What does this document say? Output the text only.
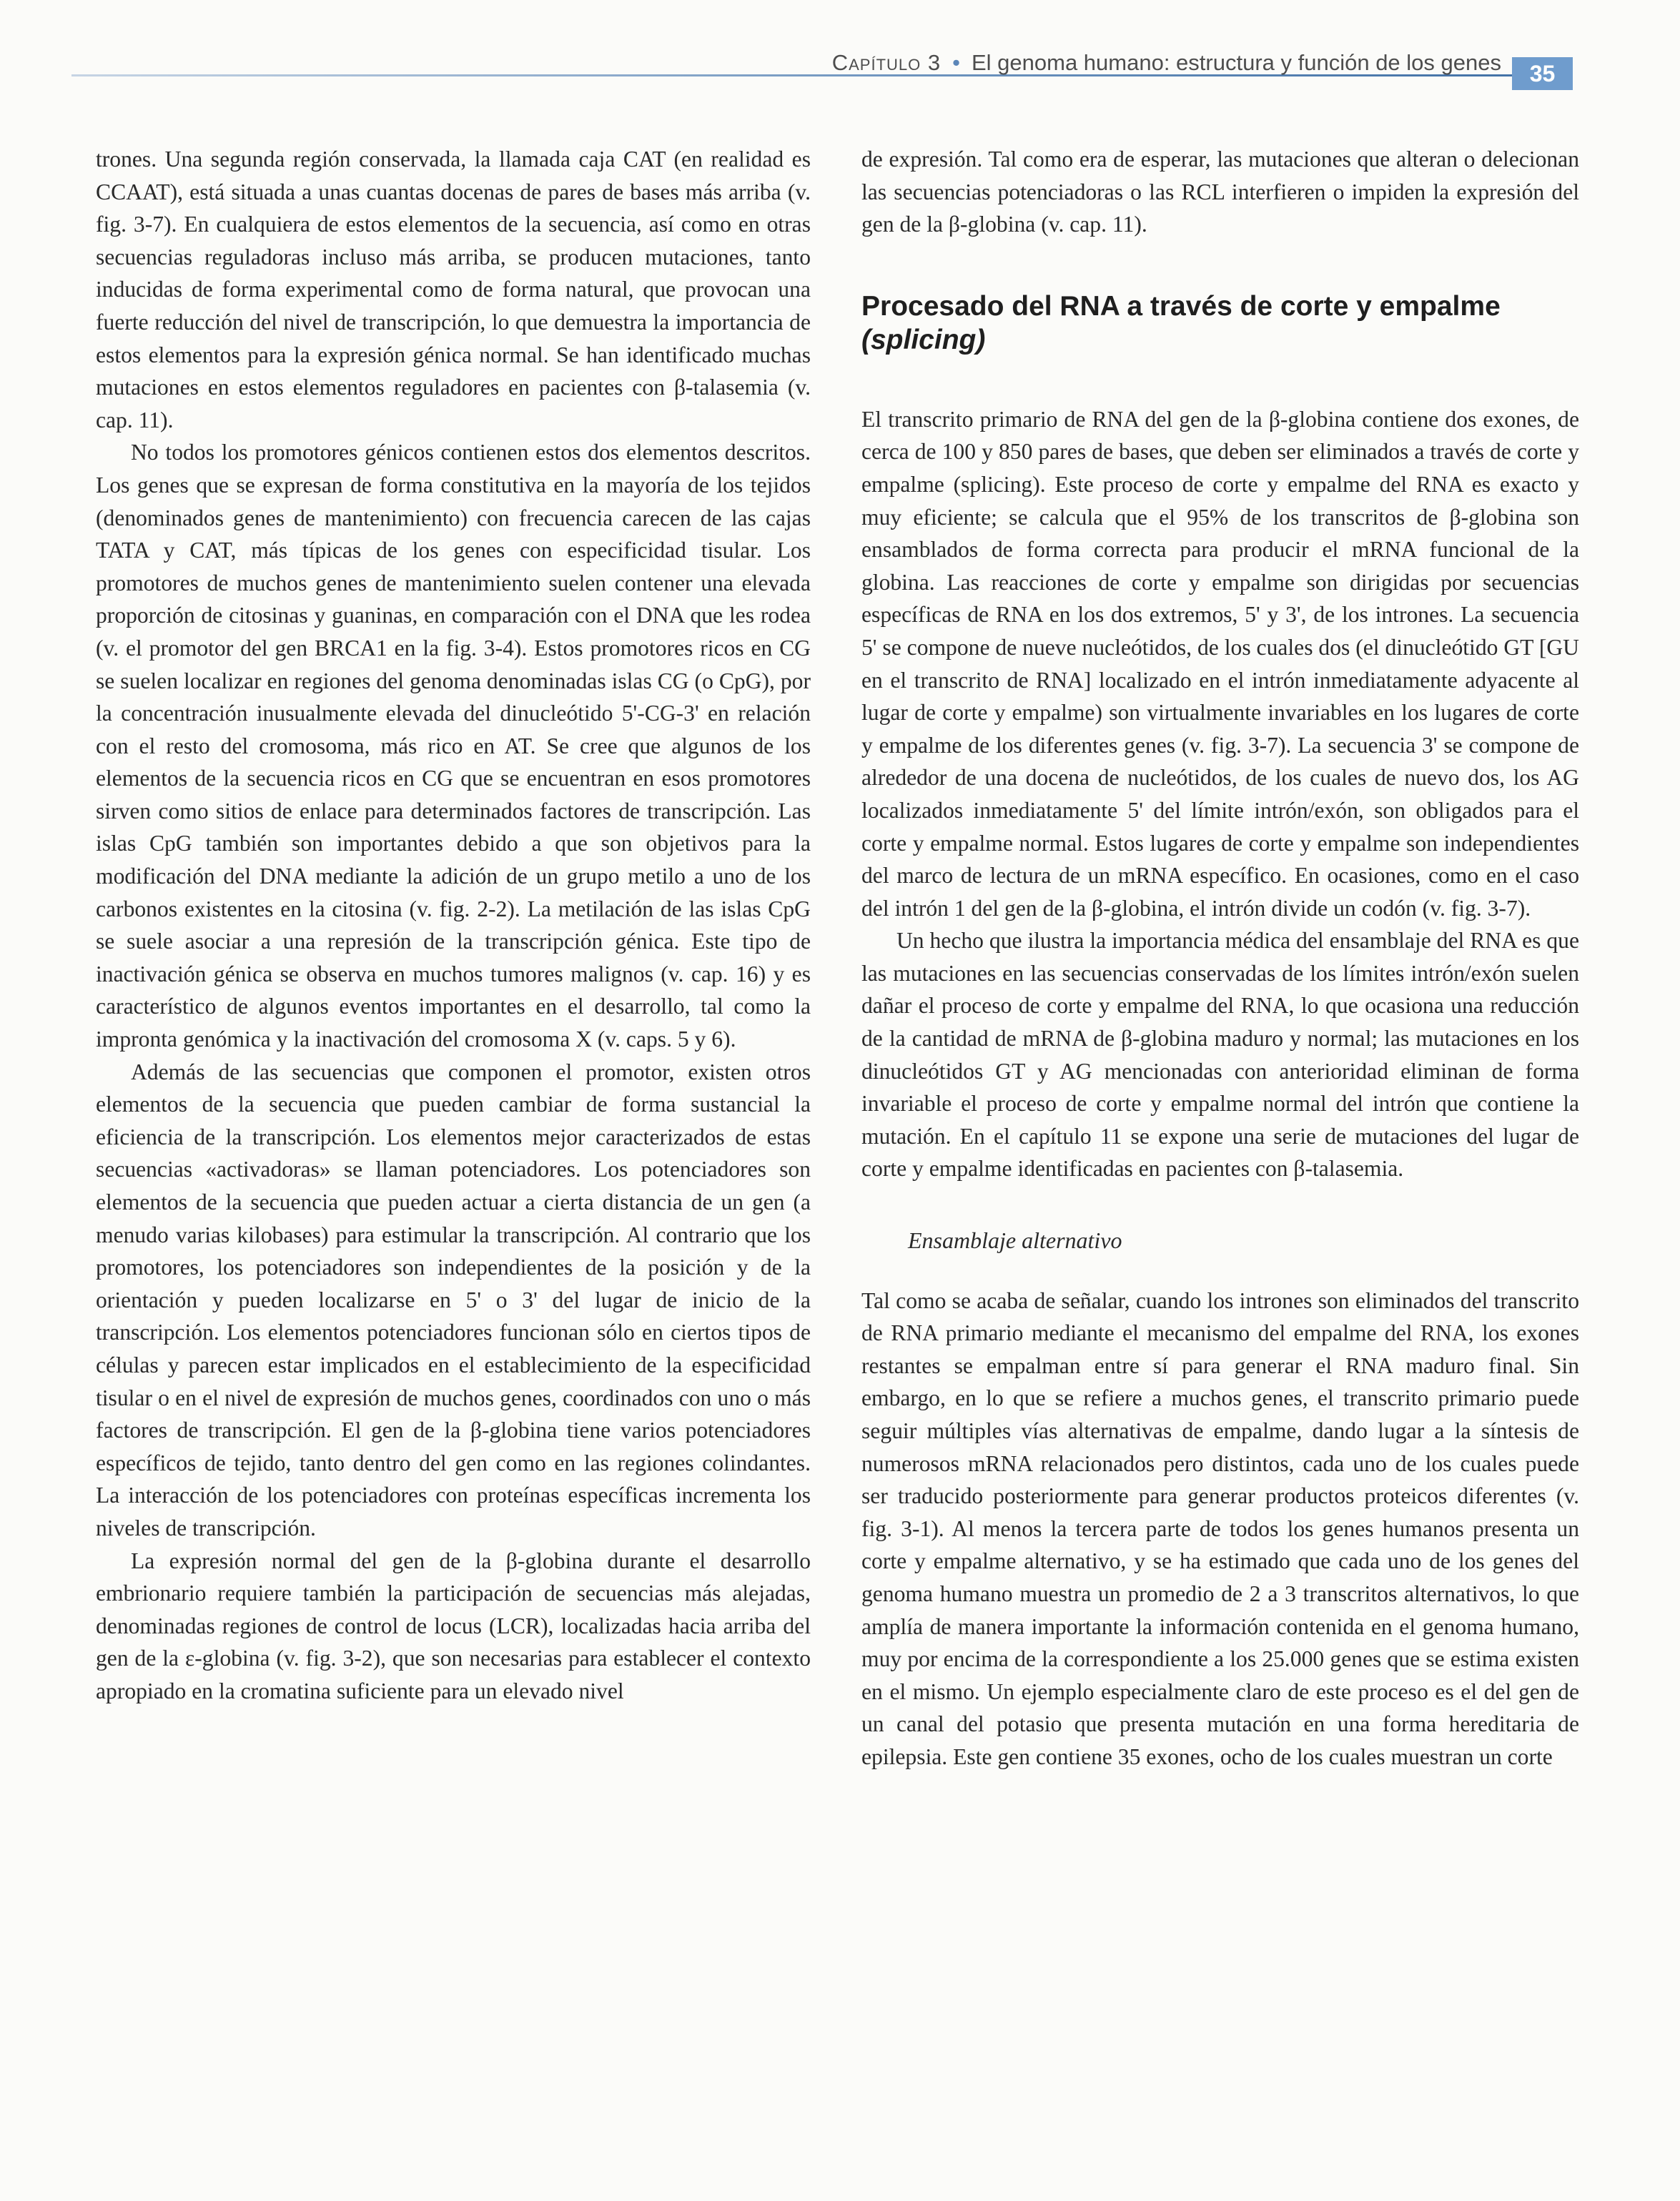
Capítulo 3 • El genoma humano: estructura y función de los genes	35

trones. Una segunda región conservada, la llamada caja CAT (en realidad es CCAAT), está situada a unas cuantas docenas de pares de bases más arriba (v. fig. 3-7). En cualquiera de estos elementos de la secuencia, así como en otras secuencias reguladoras incluso más arriba, se producen mutaciones, tanto inducidas de forma experimental como de forma natural, que provocan una fuerte reducción del nivel de transcripción, lo que demuestra la importancia de estos elementos para la expresión génica normal. Se han identificado muchas mutaciones en estos elementos reguladores en pacientes con β-talasemia (v. cap. 11).

No todos los promotores génicos contienen estos dos elementos descritos. Los genes que se expresan de forma constitutiva en la mayoría de los tejidos (denominados genes de mantenimiento) con frecuencia carecen de las cajas TATA y CAT, más típicas de los genes con especificidad tisular. Los promotores de muchos genes de mantenimiento suelen contener una elevada proporción de citosinas y guaninas, en comparación con el DNA que les rodea (v. el promotor del gen BRCA1 en la fig. 3-4). Estos promotores ricos en CG se suelen localizar en regiones del genoma denominadas islas CG (o CpG), por la concentración inusualmente elevada del dinucleótido 5'-CG-3' en relación con el resto del cromosoma, más rico en AT. Se cree que algunos de los elementos de la secuencia ricos en CG que se encuentran en esos promotores sirven como sitios de enlace para determinados factores de transcripción. Las islas CpG también son importantes debido a que son objetivos para la modificación del DNA mediante la adición de un grupo metilo a uno de los carbonos existentes en la citosina (v. fig. 2-2). La metilación de las islas CpG se suele asociar a una represión de la transcripción génica. Este tipo de inactivación génica se observa en muchos tumores malignos (v. cap. 16) y es característico de algunos eventos importantes en el desarrollo, tal como la impronta genómica y la inactivación del cromosoma X (v. caps. 5 y 6).

Además de las secuencias que componen el promotor, existen otros elementos de la secuencia que pueden cambiar de forma sustancial la eficiencia de la transcripción. Los elementos mejor caracterizados de estas secuencias «activadoras» se llaman potenciadores. Los potenciadores son elementos de la secuencia que pueden actuar a cierta distancia de un gen (a menudo varias kilobases) para estimular la transcripción. Al contrario que los promotores, los potenciadores son independientes de la posición y de la orientación y pueden localizarse en 5' o 3' del lugar de inicio de la transcripción. Los elementos potenciadores funcionan sólo en ciertos tipos de células y parecen estar implicados en el establecimiento de la especificidad tisular o en el nivel de expresión de muchos genes, coordinados con uno o más factores de transcripción. El gen de la β-globina tiene varios potenciadores específicos de tejido, tanto dentro del gen como en las regiones colindantes. La interacción de los potenciadores con proteínas específicas incrementa los niveles de transcripción.

La expresión normal del gen de la β-globina durante el desarrollo embrionario requiere también la participación de secuencias más alejadas, denominadas regiones de control de locus (LCR), localizadas hacia arriba del gen de la ε-globina (v. fig. 3-2), que son necesarias para establecer el contexto apropiado en la cromatina suficiente para un elevado nivel

de expresión. Tal como era de esperar, las mutaciones que alteran o delecionan las secuencias potenciadoras o las RCL interfieren o impiden la expresión del gen de la β-globina (v. cap. 11).

Procesado del RNA a través de corte y empalme (splicing)

El transcrito primario de RNA del gen de la β-globina contiene dos exones, de cerca de 100 y 850 pares de bases, que deben ser eliminados a través de corte y empalme (splicing). Este proceso de corte y empalme del RNA es exacto y muy eficiente; se calcula que el 95% de los transcritos de β-globina son ensamblados de forma correcta para producir el mRNA funcional de la globina. Las reacciones de corte y empalme son dirigidas por secuencias específicas de RNA en los dos extremos, 5' y 3', de los intrones. La secuencia 5' se compone de nueve nucleótidos, de los cuales dos (el dinucleótido GT [GU en el transcrito de RNA] localizado en el intrón inmediatamente adyacente al lugar de corte y empalme) son virtualmente invariables en los lugares de corte y empalme de los diferentes genes (v. fig. 3-7). La secuencia 3' se compone de alrededor de una docena de nucleótidos, de los cuales de nuevo dos, los AG localizados inmediatamente 5' del límite intrón/exón, son obligados para el corte y empalme normal. Estos lugares de corte y empalme son independientes del marco de lectura de un mRNA específico. En ocasiones, como en el caso del intrón 1 del gen de la β-globina, el intrón divide un codón (v. fig. 3-7).

Un hecho que ilustra la importancia médica del ensamblaje del RNA es que las mutaciones en las secuencias conservadas de los límites intrón/exón suelen dañar el proceso de corte y empalme del RNA, lo que ocasiona una reducción de la cantidad de mRNA de β-globina maduro y normal; las mutaciones en los dinucleótidos GT y AG mencionadas con anterioridad eliminan de forma invariable el proceso de corte y empalme normal del intrón que contiene la mutación. En el capítulo 11 se expone una serie de mutaciones del lugar de corte y empalme identificadas en pacientes con β-talasemia.

Ensamblaje alternativo

Tal como se acaba de señalar, cuando los intrones son eliminados del transcrito de RNA primario mediante el mecanismo del empalme del RNA, los exones restantes se empalman entre sí para generar el RNA maduro final. Sin embargo, en lo que se refiere a muchos genes, el transcrito primario puede seguir múltiples vías alternativas de empalme, dando lugar a la síntesis de numerosos mRNA relacionados pero distintos, cada uno de los cuales puede ser traducido posteriormente para generar productos proteicos diferentes (v. fig. 3-1). Al menos la tercera parte de todos los genes humanos presenta un corte y empalme alternativo, y se ha estimado que cada uno de los genes del genoma humano muestra un promedio de 2 a 3 transcritos alternativos, lo que amplía de manera importante la información contenida en el genoma humano, muy por encima de la correspondiente a los 25.000 genes que se estima existen en el mismo. Un ejemplo especialmente claro de este proceso es el del gen de un canal del potasio que presenta mutación en una forma hereditaria de epilepsia. Este gen contiene 35 exones, ocho de los cuales muestran un corte
